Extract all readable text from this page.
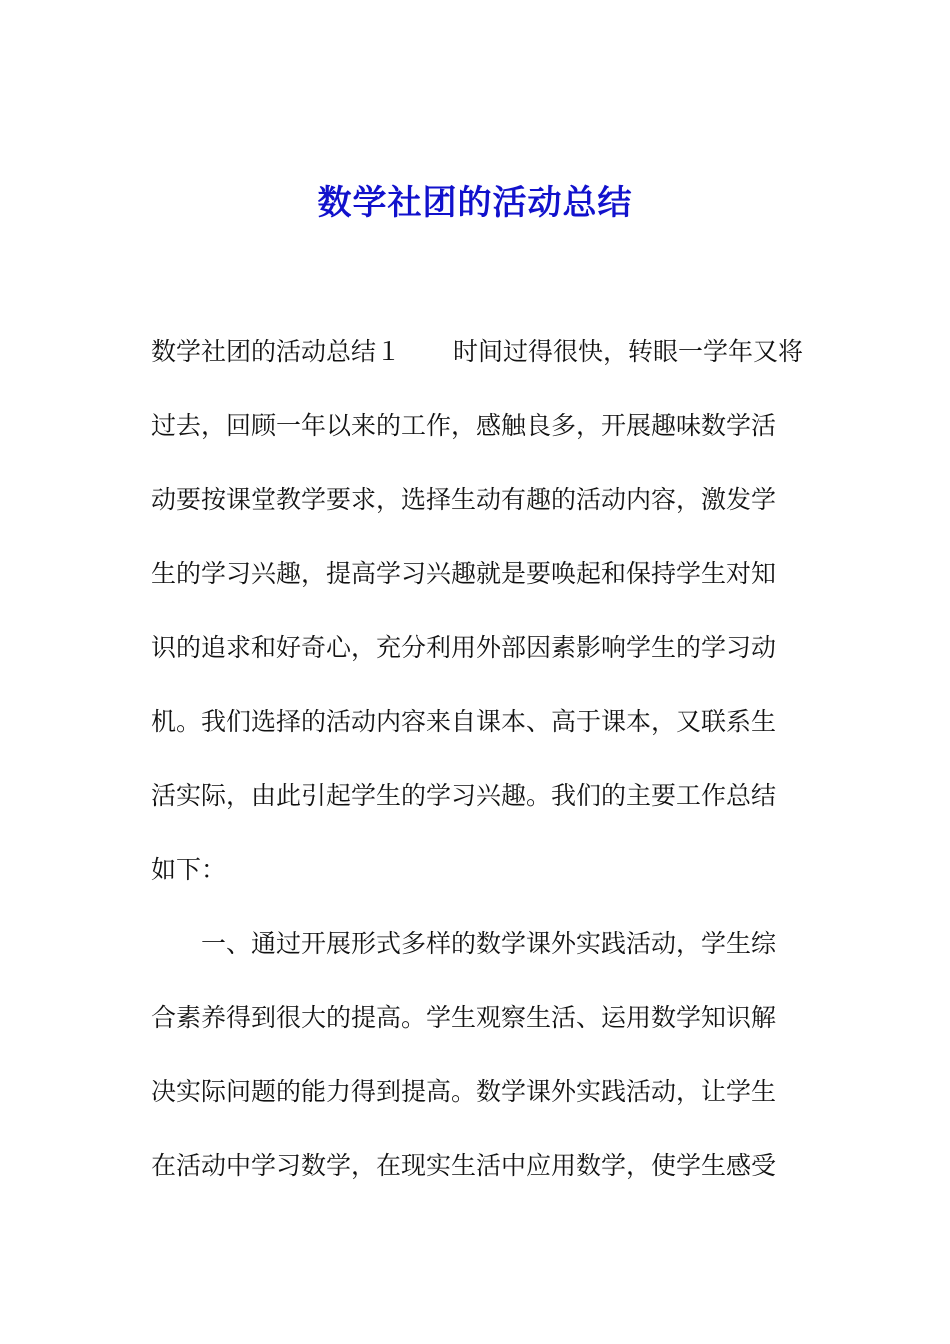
数学社团的活动总结
数学社团的活动总结１ 时间过得很快，转眼一学年又将
过去，回顾一年以来的工作，感触良多，开展趣味数学活
动要按课堂教学要求，选择生动有趣的活动内容，激发学
生的学习兴趣，提高学习兴趣就是要唤起和保持学生对知
识的追求和好奇心，充分利用外部因素影响学生的学习动
机。我们选择的活动内容来自课本、高于课本，又联系生
活实际，由此引起学生的学习兴趣。我们的主要工作总结
如下：
一、通过开展形式多样的数学课外实践活动，学生综
合素养得到很大的提高。学生观察生活、运用数学知识解
决实际问题的能力得到提高。数学课外实践活动，让学生
在活动中学习数学，在现实生活中应用数学，使学生感受
